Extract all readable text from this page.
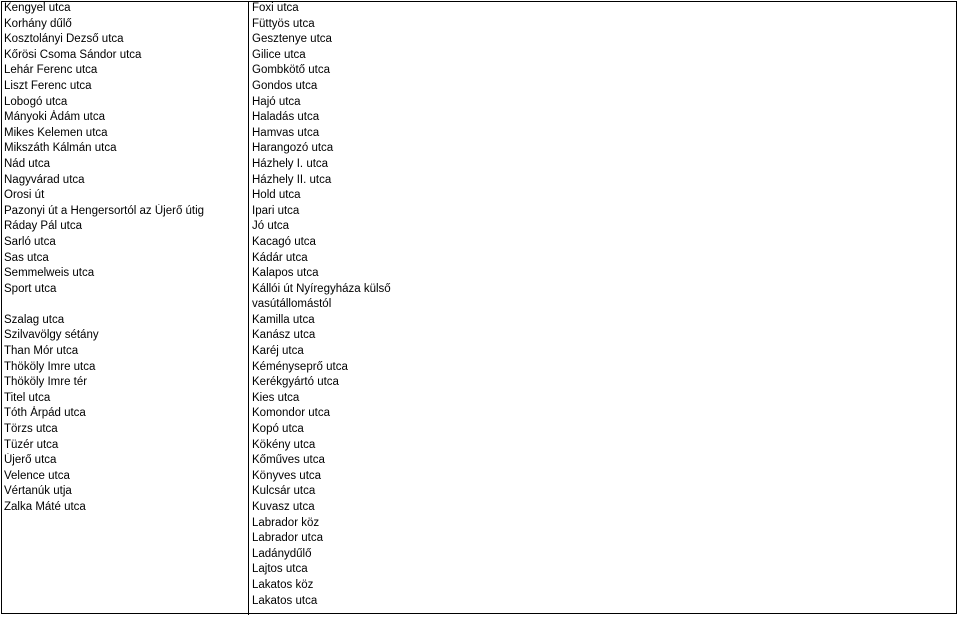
Kengyel utca
Korhány dűlő
Kosztolányi Dezső utca
Kőrösi Csoma Sándor utca
Lehár Ferenc utca
Liszt Ferenc utca
Lobogó utca
Mányoki Ádám utca
Mikes Kelemen utca
Mikszáth Kálmán utca
Nád utca
Nagyvárad utca
Orosi út
Pazonyi út a Hengersortól az Újerő útig
Ráday Pál utca
Sarló utca
Sas utca
Semmelweis utca
Sport utca
Szalag utca
Szilvavölgy sétány
Than Mór utca
Thököly Imre utca
Thököly Imre tér
Titel utca
Tóth Árpád utca
Törzs utca
Tüzér utca
Újerő utca
Velence utca
Vértanúk utja
Zalka Máté utca
Foxi utca
Füttyös utca
Gesztenye utca
Gilice utca
Gombkötő utca
Gondos utca
Hajó utca
Haladás utca
Hamvas utca
Harangozó utca
Házhely I. utca
Házhely II. utca
Hold utca
Ipari utca
Jó utca
Kacagó utca
Kádár utca
Kalapos utca
Kállói út Nyíregyháza külső vasútállomástól
Kamilla utca
Kanász utca
Karéj utca
Kéményseprő utca
Kerékgyártó utca
Kies utca
Komondor utca
Kopó utca
Kökény utca
Kőműves utca
Könyves utca
Kulcsár utca
Kuvasz utca
Labrador köz
Labrador utca
Ladánydűlő
Lajtos utca
Lakatos köz
Lakatos utca
